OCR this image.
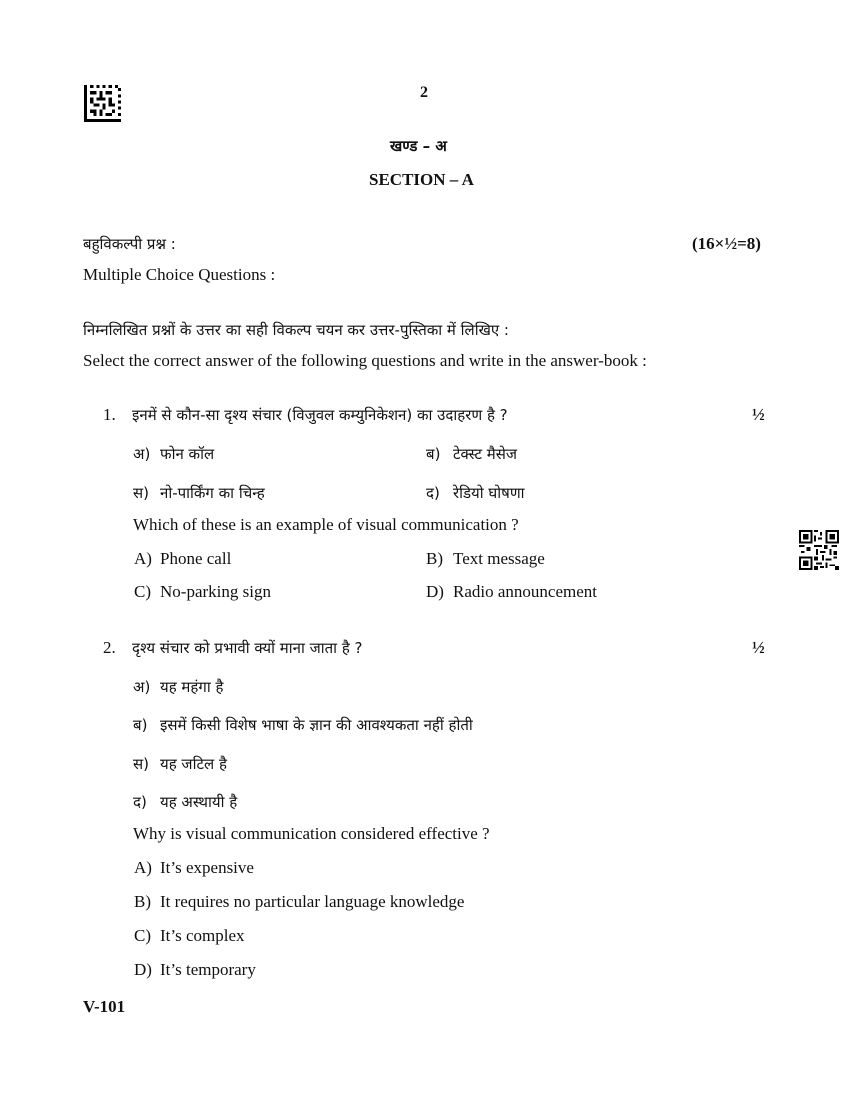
2
खण्ड – अ
SECTION – A
बहुविकल्पी प्रश्न :	(16×½=8)
Multiple Choice Questions :
निम्नलिखित प्रश्नों के उत्तर का सही विकल्प चयन कर उत्तर-पुस्तिका में लिखिए :
Select the correct answer of the following questions and write in the answer-book :
1. इनमें से कौन-सा दृश्य संचार (विजुवल कम्युनिकेशन) का उदाहरण है ?	½
अ) फोन कॉल	ब) टेक्स्ट मैसेज
स) नो-पार्किंग का चिन्ह	द) रेडियो घोषणा
Which of these is an example of visual communication ?
A) Phone call	B) Text message
C) No-parking sign	D) Radio announcement
2. दृश्य संचार को प्रभावी क्यों माना जाता है ?	½
अ) यह महंगा है
ब) इसमें किसी विशेष भाषा के ज्ञान की आवश्यकता नहीं होती
स) यह जटिल है
द) यह अस्थायी है
Why is visual communication considered effective ?
A) It’s expensive
B) It requires no particular language knowledge
C) It’s complex
D) It’s temporary
V-101
